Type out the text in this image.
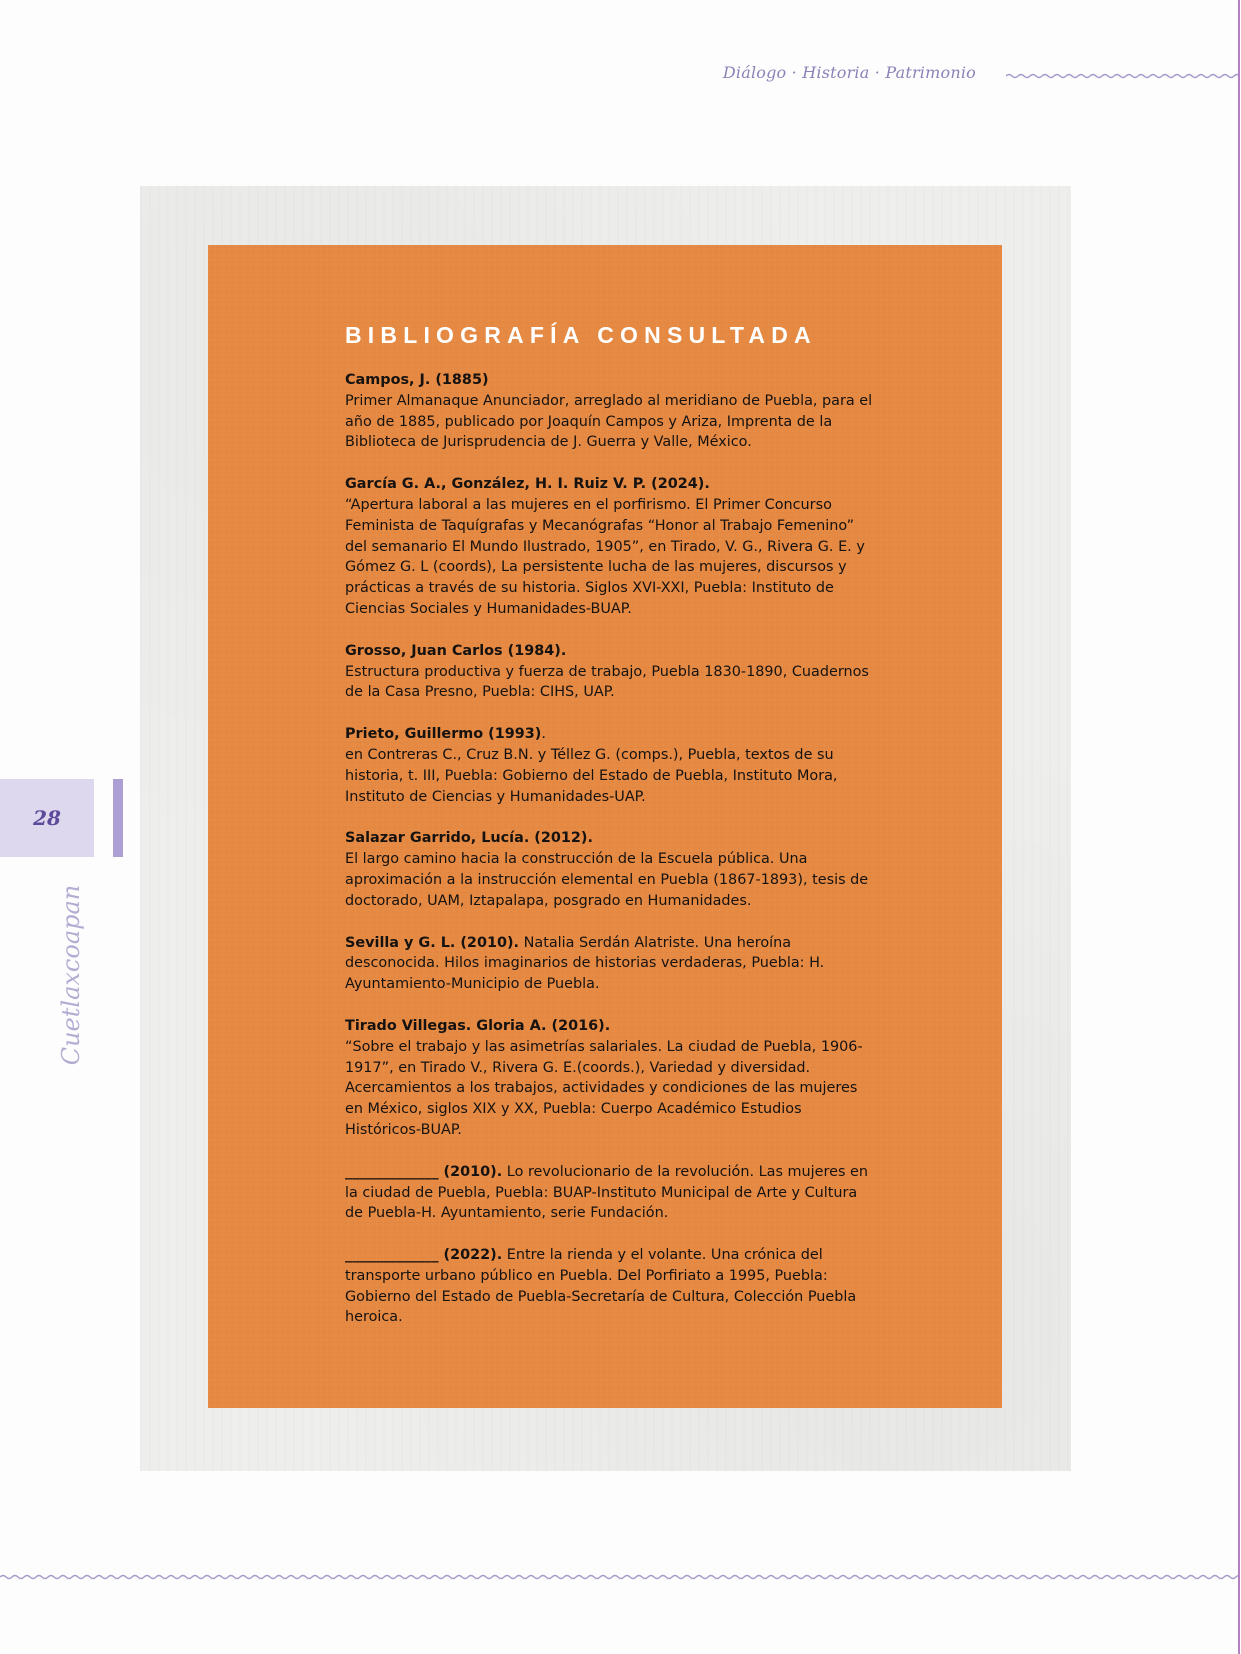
Diálogo · Historia · Patrimonio
28
Cuetlaxcoapan
BIBLIOGRAFÍA CONSULTADA
Campos, J. (1885)
Primer Almanaque Anunciador, arreglado al meridiano de Puebla, para el año de 1885, publicado por Joaquín Campos y Ariza, Imprenta de la Biblioteca de Jurisprudencia de J. Guerra y Valle, México.
García G. A., González, H. I. Ruiz V. P. (2024).
“Apertura laboral a las mujeres en el porfirismo. El Primer Concurso Feminista de Taquígrafas y Mecanógrafas “Honor al Trabajo Femenino” del semanario El Mundo Ilustrado, 1905”, en Tirado, V. G., Rivera G. E. y Gómez G. L (coords), La persistente lucha de las mujeres, discursos y prácticas a través de su historia. Siglos XVI-XXI, Puebla: Instituto de Ciencias Sociales y Humanidades-BUAP.
Grosso, Juan Carlos (1984).
Estructura productiva y fuerza de trabajo, Puebla 1830-1890, Cuadernos de la Casa Presno, Puebla: CIHS, UAP.
Prieto, Guillermo (1993).
en Contreras C., Cruz B.N. y Téllez G. (comps.), Puebla, textos de su historia, t. III, Puebla: Gobierno del Estado de Puebla, Instituto Mora, Instituto de Ciencias y Humanidades-UAP.
Salazar Garrido, Lucía. (2012).
El largo camino hacia la construcción de la Escuela pública. Una aproximación a la instrucción elemental en Puebla (1867-1893), tesis de doctorado, UAM, Iztapalapa, posgrado en Humanidades.
Sevilla y G. L. (2010). Natalia Serdán Alatriste. Una heroína desconocida. Hilos imaginarios de historias verdaderas, Puebla: H. Ayuntamiento-Municipio de Puebla.
Tirado Villegas. Gloria A. (2016).
“Sobre el trabajo y las asimetrías salariales. La ciudad de Puebla, 1906-1917”, en Tirado V., Rivera G. E.(coords.), Variedad y diversidad. Acercamientos a los trabajos, actividades y condiciones de las mujeres en México, siglos XIX y XX, Puebla: Cuerpo Académico Estudios Históricos-BUAP.
_____________ (2010). Lo revolucionario de la revolución. Las mujeres en la ciudad de Puebla, Puebla: BUAP-Instituto Municipal de Arte y Cultura de Puebla-H. Ayuntamiento, serie Fundación.
_____________ (2022). Entre la rienda y el volante. Una crónica del transporte urbano público en Puebla. Del Porfiriato a 1995, Puebla: Gobierno del Estado de Puebla-Secretaría de Cultura, Colección Puebla heroica.
